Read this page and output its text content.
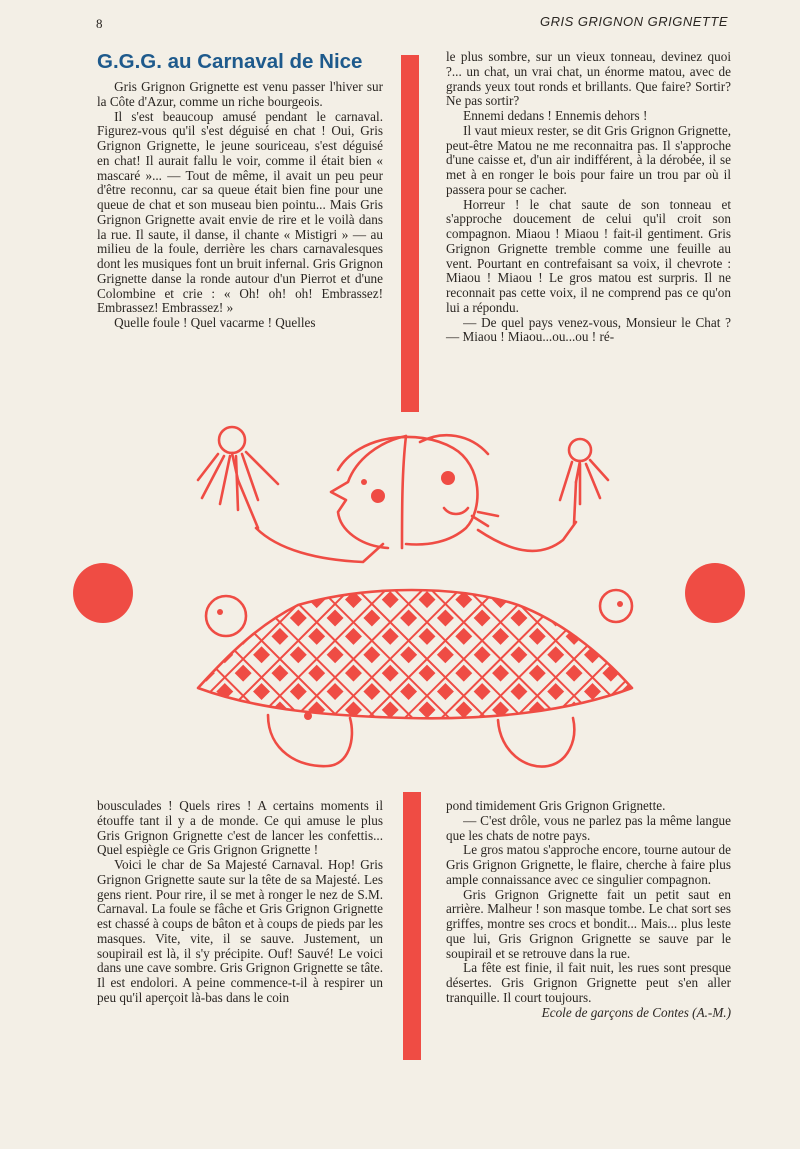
8	GRIS GRIGNON GRIGNETTE
G.G.G. au Carnaval de Nice

Gris Grignon Grignette est venu passer l'hiver sur la Côte d'Azur, comme un riche bourgeois.

Il s'est beaucoup amusé pendant le carnaval. Figurez-vous qu'il s'est déguisé en chat ! Oui, Gris Grignon Grignette, le jeune souriceau, s'est déguisé en chat! Il aurait fallu le voir, comme il était bien « mascaré »... — Tout de même, il avait un peu peur d'être reconnu, car sa queue était bien fine pour une queue de chat et son museau bien pointu... Mais Gris Grignon Grignette avait envie de rire et le voilà dans la rue. Il saute, il danse, il chante « Mistigri » — au milieu de la foule, derrière les chars carnavalesques dont les musiques font un bruit infernal. Gris Grignon Grignette danse la ronde autour d'un Pierrot et d'une Colombine et crie : « Oh! oh! oh! Embrassez! Embrassez! Embrassez! »

Quelle foule ! Quel vacarme ! Quelles

le plus sombre, sur un vieux tonneau, devinez quoi ?... un chat, un vrai chat, un énorme matou, avec de grands yeux tout ronds et brillants. Que faire? Sortir? Ne pas sortir?

Ennemi dedans ! Ennemis dehors !

Il vaut mieux rester, se dit Gris Grignon Grignette, peut-être Matou ne me reconnaitra pas. Il s'approche d'une caisse et, d'un air indifférent, à la dérobée, il se met à en ronger le bois pour faire un trou par où il passera pour se cacher.

Horreur ! le chat saute de son tonneau et s'approche doucement de celui qu'il croit son compagnon. Miaou ! Miaou ! fait-il gentiment. Gris Grignon Grignette tremble comme une feuille au vent. Pourtant en contrefaisant sa voix, il chevrote : Miaou ! Miaou ! Le gros matou est surpris. Il ne reconnait pas cette voix, il ne comprend pas ce qu'on lui a répondu.

— De quel pays venez-vous, Monsieur le Chat ? — Miaou ! Miaou...ou...ou ! ré-

bousculades ! Quels rires ! A certains moments il étouffe tant il y a de monde. Ce qui amuse le plus Gris Grignon Grignette c'est de lancer les confettis... Quel espiègle ce Gris Grignon Grignette !

Voici le char de Sa Majesté Carnaval. Hop! Gris Grignon Grignette saute sur la tête de sa Majesté. Les gens rient. Pour rire, il se met à ronger le nez de S.M. Carnaval. La foule se fâche et Gris Grignon Grignette est chassé à coups de bâton et à coups de pieds par les masques. Vite, vite, il se sauve. Justement, un soupirail est là, il s'y précipite. Ouf! Sauvé! Le voici dans une cave sombre. Gris Grignon Grignette se tâte. Il est endolori. A peine commence-t-il à respirer un peu qu'il aperçoit là-bas dans le coin

pond timidement Gris Grignon Grignette.

— C'est drôle, vous ne parlez pas la même langue que les chats de notre pays.

Le gros matou s'approche encore, tourne autour de Gris Grignon Grignette, le flaire, cherche à faire plus ample connaissance avec ce singulier compagnon.

Gris Grignon Grignette fait un petit saut en arrière. Malheur ! son masque tombe. Le chat sort ses griffes, montre ses crocs et bondit... Mais... plus leste que lui, Gris Grignon Grignette se sauve par le soupirail et se retrouve dans la rue.

La fête est finie, il fait nuit, les rues sont presque désertes. Gris Grignon Grignette peut s'en aller tranquille. Il court toujours.

Ecole de garçons de Contes (A.-M.)
